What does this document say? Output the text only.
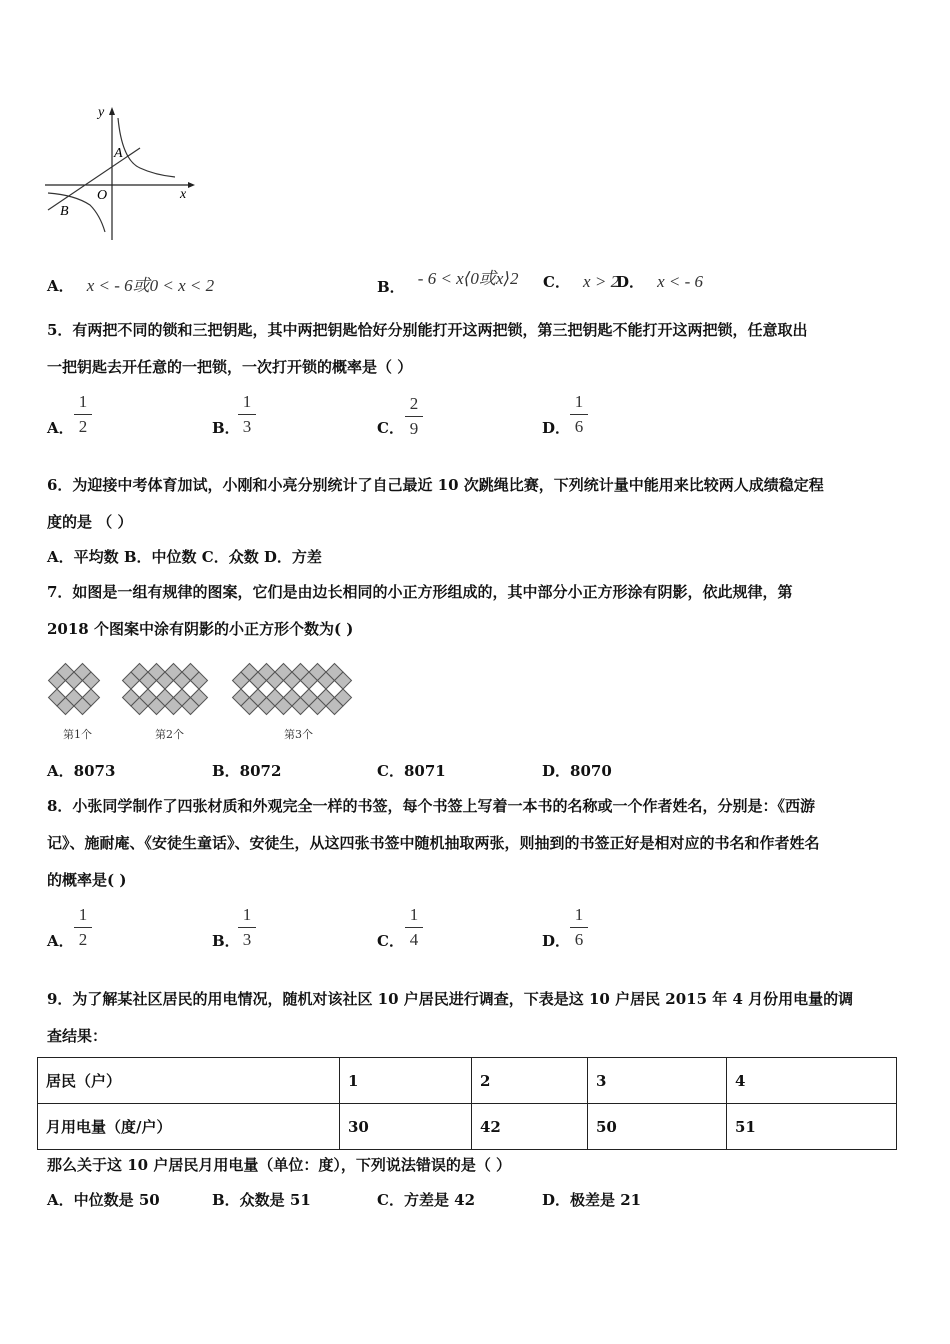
y
x
A
O
B
A． x < - 6或0 < x < 2	B． - 6 < x⟨0或x⟩2 C． x > 2
D． x < - 6
5．有两把不同的锁和三把钥匙，其中两把钥匙恰好分别能打开这两把锁，第三把钥匙不能打开这两把锁，任意取出
一把钥匙去开任意的一把锁，一次打开锁的概率是（ ）
A．
1
2	B．
1
3	C．
2
9	D．
1
6
6．为迎接中考体育加试，小刚和小亮分别统计了自己最近 10 次跳绳比赛，下列统计量中能用来比较两人成绩稳定程
度的是 （ ）
A．平均数 B．中位数 C．众数 D．方差
7．如图是一组有规律的图案，它们是由边长相同的小正方形组成的，其中部分小正方形涂有阴影，依此规律，第
2018 个图案中涂有阴影的小正方形个数为( )
第1个	第2个	第3个
A．8073	B．8072	C．8071	D．8070
8．小张同学制作了四张材质和外观完全一样的书签，每个书签上写着一本书的名称或一个作者姓名，分别是：《西游
记》、施耐庵、《安徒生童话》、安徒生，从这四张书签中随机抽取两张，则抽到的书签正好是相对应的书名和作者姓名
的概率是( )
A．
1
2	B．
1
3	C．
1
4	D．
1
6
9．为了解某社区居民的用电情况，随机对该社区 10 户居民进行调查，下表是这 10 户居民 2015 年 4 月份用电量的调
查结果：
居民（户）	1	2	3	4
月用电量（度/户）	30	42	50	51
那么关于这 10 户居民月用电量（单位：度），下列说法错误的是（ ）
A．中位数是 50	B．众数是 51	C．方差是 42	D．极差是 21
